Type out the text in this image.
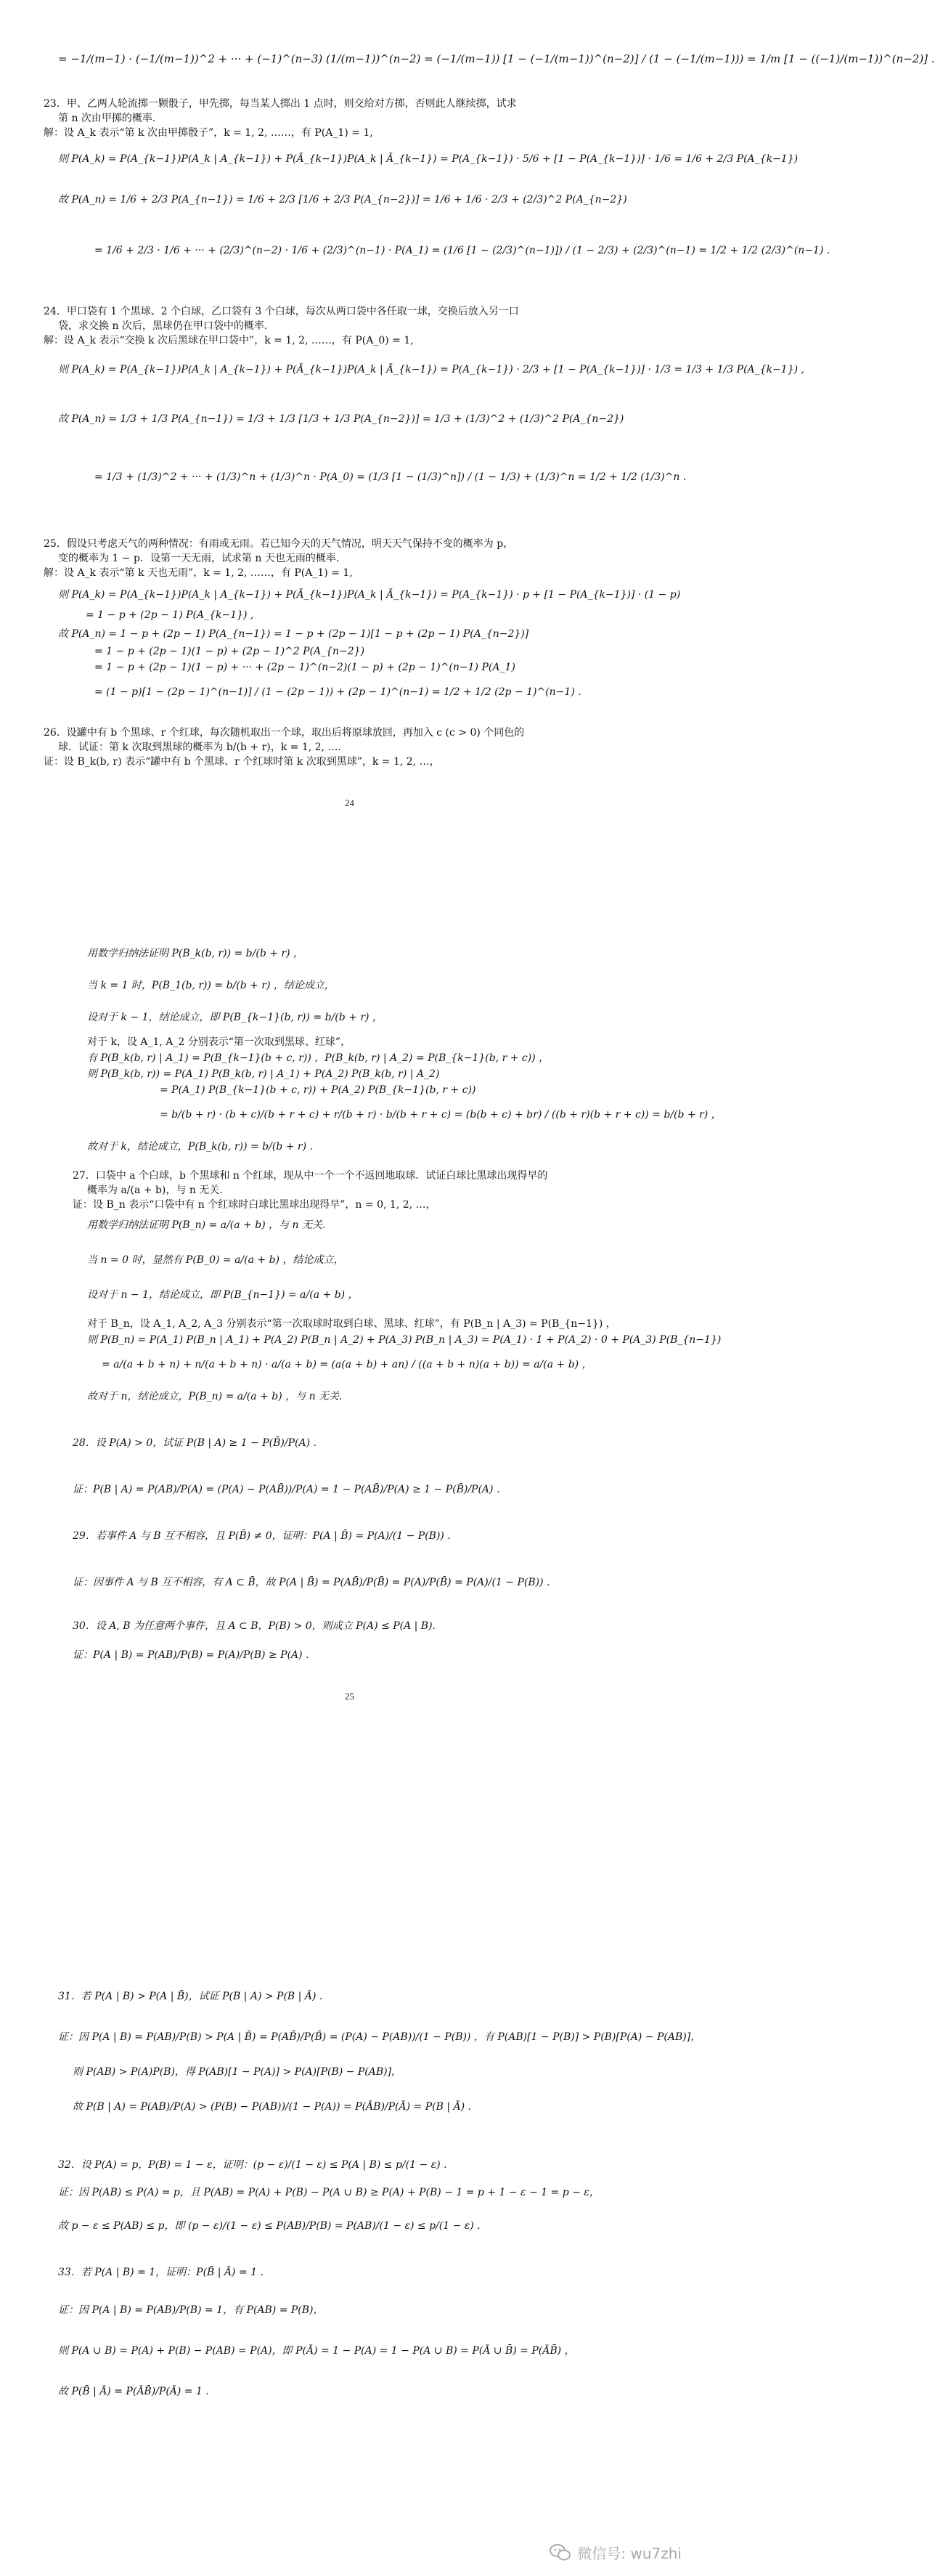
= −1/(m−1) · (−1/(m−1))^2 + ··· + (−1)^(n−3) (1/(m−1))^(n−2) = (−1/(m−1)) [1 − (−1/(m−1))^(n−2)] / (1 − (−1/(m−1))) = 1/m [1 − ((−1)/(m−1))^(n−2)] .
23．甲、乙两人轮流掷一颗骰子，甲先掷，每当某人掷出 1 点时，则交给对方掷，否则此人继续掷，试求
第 n 次由甲掷的概率.
解：设 A_k 表示“第 k 次由甲掷骰子”，k = 1, 2, ……，有 P(A_1) = 1,
则 P(A_k) = P(A_{k−1})P(A_k | A_{k−1}) + P(Ā_{k−1})P(A_k | Ā_{k−1}) = P(A_{k−1}) · 5/6 + [1 − P(A_{k−1})] · 1/6 = 1/6 + 2/3 P(A_{k−1})
故 P(A_n) = 1/6 + 2/3 P(A_{n−1}) = 1/6 + 2/3 [1/6 + 2/3 P(A_{n−2})] = 1/6 + 1/6 · 2/3 + (2/3)^2 P(A_{n−2})
= 1/6 + 2/3 · 1/6 + ··· + (2/3)^(n−2) · 1/6 + (2/3)^(n−1) · P(A_1) = (1/6 [1 − (2/3)^(n−1)]) / (1 − 2/3) + (2/3)^(n−1) = 1/2 + 1/2 (2/3)^(n−1) .
24．甲口袋有 1 个黑球、2 个白球，乙口袋有 3 个白球，每次从两口袋中各任取一球，交换后放入另一口
袋，求交换 n 次后，黑球仍在甲口袋中的概率.
解：设 A_k 表示“交换 k 次后黑球在甲口袋中”，k = 1, 2, ……，有 P(A_0) = 1,
则 P(A_k) = P(A_{k−1})P(A_k | A_{k−1}) + P(Ā_{k−1})P(A_k | Ā_{k−1}) = P(A_{k−1}) · 2/3 + [1 − P(A_{k−1})] · 1/3 = 1/3 + 1/3 P(A_{k−1}) ,
故 P(A_n) = 1/3 + 1/3 P(A_{n−1}) = 1/3 + 1/3 [1/3 + 1/3 P(A_{n−2})] = 1/3 + (1/3)^2 + (1/3)^2 P(A_{n−2})
= 1/3 + (1/3)^2 + ··· + (1/3)^n + (1/3)^n · P(A_0) = (1/3 [1 − (1/3)^n]) / (1 − 1/3) + (1/3)^n = 1/2 + 1/2 (1/3)^n .
25．假设只考虑天气的两种情况：有雨或无雨。若已知今天的天气情况，明天天气保持不变的概率为 p，
变的概率为 1 − p．设第一天无雨，试求第 n 天也无雨的概率.
解：设 A_k 表示“第 k 天也无雨”，k = 1, 2, ……，有 P(A_1) = 1,
则 P(A_k) = P(A_{k−1})P(A_k | A_{k−1}) + P(Ā_{k−1})P(A_k | Ā_{k−1}) = P(A_{k−1}) · p + [1 − P(A_{k−1})] · (1 − p)
= 1 − p + (2p − 1) P(A_{k−1}) ,
故 P(A_n) = 1 − p + (2p − 1) P(A_{n−1}) = 1 − p + (2p − 1)[1 − p + (2p − 1) P(A_{n−2})]
= 1 − p + (2p − 1)(1 − p) + (2p − 1)^2 P(A_{n−2})
= 1 − p + (2p − 1)(1 − p) + ··· + (2p − 1)^(n−2)(1 − p) + (2p − 1)^(n−1) P(A_1)
= (1 − p)[1 − (2p − 1)^(n−1)] / (1 − (2p − 1)) + (2p − 1)^(n−1) = 1/2 + 1/2 (2p − 1)^(n−1) .
26．设罐中有 b 个黑球、r 个红球，每次随机取出一个球，取出后将原球放回，再加入 c (c > 0) 个同色的
球．试证：第 k 次取到黑球的概率为 b/(b + r)，k = 1, 2, …．
证：设 B_k(b, r) 表示“罐中有 b 个黑球、r 个红球时第 k 次取到黑球”，k = 1, 2, …，
24
用数学归纳法证明 P(B_k(b, r)) = b/(b + r) ，
当 k = 1 时，P(B_1(b, r)) = b/(b + r) ，结论成立，
设对于 k − 1，结论成立，即 P(B_{k−1}(b, r)) = b/(b + r) ，
对于 k，设 A_1, A_2 分别表示“第一次取到黑球、红球”，
有 P(B_k(b, r) | A_1) = P(B_{k−1}(b + c, r)) ，P(B_k(b, r) | A_2) = P(B_{k−1}(b, r + c)) ，
则 P(B_k(b, r)) = P(A_1) P(B_k(b, r) | A_1) + P(A_2) P(B_k(b, r) | A_2)
= P(A_1) P(B_{k−1}(b + c, r)) + P(A_2) P(B_{k−1}(b, r + c))
= b/(b + r) · (b + c)/(b + r + c) + r/(b + r) · b/(b + r + c) = (b(b + c) + br) / ((b + r)(b + r + c)) = b/(b + r) ，
故对于 k，结论成立，P(B_k(b, r)) = b/(b + r) .
27．口袋中 a 个白球，b 个黑球和 n 个红球，现从中一个一个不返回地取球．试证白球比黑球出现得早的
概率为 a/(a + b)，与 n 无关.
证：设 B_n 表示“口袋中有 n 个红球时白球比黑球出现得早”，n = 0, 1, 2, …，
用数学归纳法证明 P(B_n) = a/(a + b) ，与 n 无关.
当 n = 0 时，显然有 P(B_0) = a/(a + b) ，结论成立，
设对于 n − 1，结论成立，即 P(B_{n−1}) = a/(a + b) ，
对于 B_n，设 A_1, A_2, A_3 分别表示“第一次取球时取到白球、黑球、红球”，有 P(B_n | A_3) = P(B_{n−1}) ，
则 P(B_n) = P(A_1) P(B_n | A_1) + P(A_2) P(B_n | A_2) + P(A_3) P(B_n | A_3) = P(A_1) · 1 + P(A_2) · 0 + P(A_3) P(B_{n−1})
= a/(a + b + n) + n/(a + b + n) · a/(a + b) = (a(a + b) + an) / ((a + b + n)(a + b)) = a/(a + b) ，
故对于 n，结论成立，P(B_n) = a/(a + b) ，与 n 无关.
28．设 P(A) > 0，试证 P(B | A) ≥ 1 − P(B̄)/P(A) .
证：P(B | A) = P(AB)/P(A) = (P(A) − P(AB̄))/P(A) = 1 − P(AB̄)/P(A) ≥ 1 − P(B̄)/P(A) .
29．若事件 A 与 B 互不相容，且 P(B̄) ≠ 0，证明：P(A | B̄) = P(A)/(1 − P(B)) .
证：因事件 A 与 B 互不相容，有 A ⊂ B̄，故 P(A | B̄) = P(AB̄)/P(B̄) = P(A)/P(B̄) = P(A)/(1 − P(B)) .
30．设 A, B 为任意两个事件，且 A ⊂ B，P(B) > 0，则成立 P(A) ≤ P(A | B).
证：P(A | B) = P(AB)/P(B) = P(A)/P(B) ≥ P(A) .
25
31．若 P(A | B) > P(A | B̄)，试证 P(B | A) > P(B | Ā) .
证：因 P(A | B) = P(AB)/P(B) > P(A | B̄) = P(AB̄)/P(B̄) = (P(A) − P(AB))/(1 − P(B)) ，有 P(AB)[1 − P(B)] > P(B)[P(A) − P(AB)]，
则 P(AB) > P(A)P(B)，得 P(AB)[1 − P(A)] > P(A)[P(B) − P(AB)]，
故 P(B | A) = P(AB)/P(A) > (P(B) − P(AB))/(1 − P(A)) = P(ĀB)/P(Ā) = P(B | Ā) .
32．设 P(A) = p，P(B) = 1 − ε，证明：(p − ε)/(1 − ε) ≤ P(A | B) ≤ p/(1 − ε) .
证：因 P(AB) ≤ P(A) = p，且 P(AB) = P(A) + P(B) − P(A ∪ B) ≥ P(A) + P(B) − 1 = p + 1 − ε − 1 = p − ε，
故 p − ε ≤ P(AB) ≤ p，即 (p − ε)/(1 − ε) ≤ P(AB)/P(B) = P(AB)/(1 − ε) ≤ p/(1 − ε) .
33．若 P(A | B) = 1，证明：P(B̄ | Ā) = 1 .
证：因 P(A | B) = P(AB)/P(B) = 1，有 P(AB) = P(B)，
则 P(A ∪ B) = P(A) + P(B) − P(AB) = P(A)，即 P(Ā) = 1 − P(A) = 1 − P(A ∪ B) = P(Ā ∪ B̄) = P(ĀB̄) ，
故 P(B̄ | Ā) = P(ĀB̄)/P(Ā) = 1 .
微信号: wu7zhi
